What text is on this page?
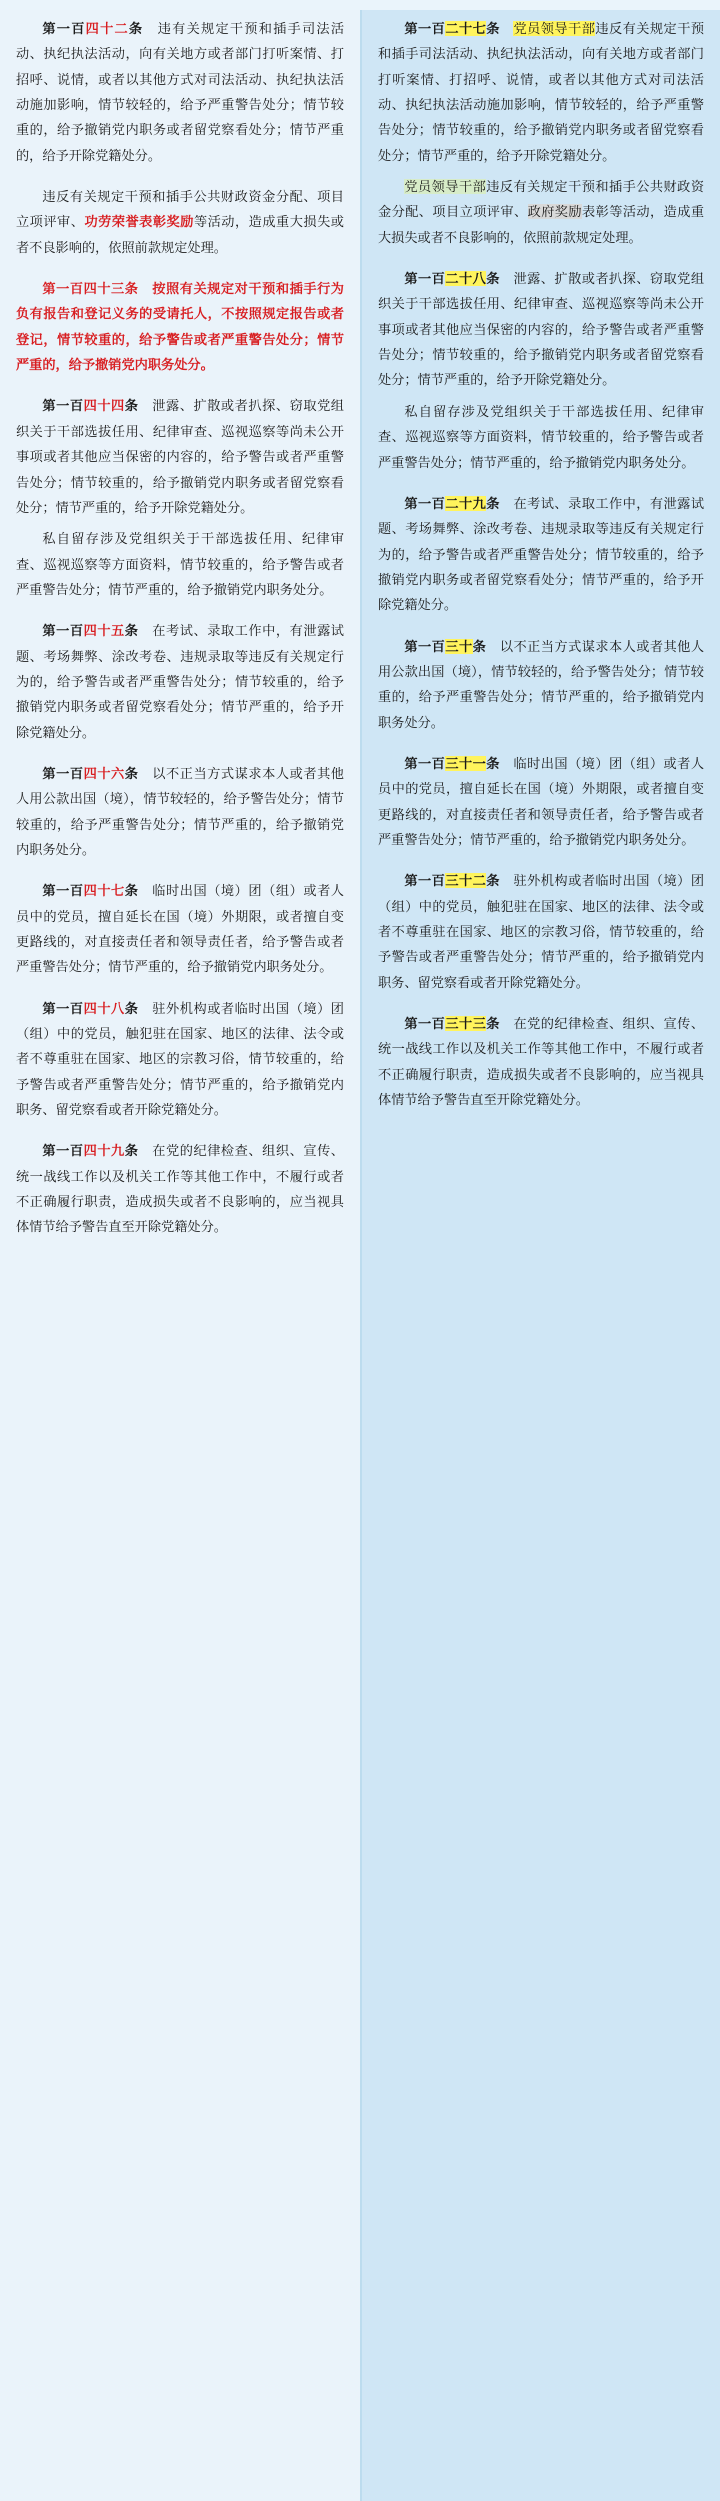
第一百四十二条 违有关规定干预和插手司法活动、执纪执法活动，向有关地方或者部门打听案情、打招呼、说情，或者以其他方式对司法活动、执纪执法活动施加影响，情节较轻的，给予严重警告处分；情节较重的，给予撤销党内职务或者留党察看处分；情节严重的，给予开除党籍处分。

违反有关规定干预和插手公共财政资金分配、项目立项评审、功劳荣誉表彰奖励等活动，造成重大损失或者不良影响的，依照前款规定处理。

第一百四十三条 按照有关规定对干预和插手行为负有报告和登记义务的受请托人，不按照规定报告或者登记，情节较重的，给予警告或者严重警告处分；情节严重的，给予撤销党内职务处分。

第一百四十四条 泄露、扩散或者扒探、窃取党组织关于干部选拔任用、纪律审查、巡视巡察等尚未公开事项或者其他应当保密的内容的，给予警告或者严重警告处分；情节较重的，给予撤销党内职务或者留党察看处分；情节严重的，给予开除党籍处分。

私自留存涉及党组织关于干部选拔任用、纪律审查、巡视巡察等方面资料，情节较重的，给予警告或者严重警告处分；情节严重的，给予撤销党内职务处分。

第一百四十五条 在考试、录取工作中，有泄露试题、考场舞弊、涂改考卷、违规录取等违反有关规定行为的，给予警告或者严重警告处分；情节较重的，给予撤销党内职务或者留党察看处分；情节严重的，给予开除党籍处分。

第一百四十六条 以不正当方式谋求本人或者其他人用公款出国（境），情节较轻的，给予警告处分；情节较重的，给予严重警告处分；情节严重的，给予撤销党内职务处分。

第一百四十七条 临时出国（境）团（组）或者人员中的党员，擅自延长在国（境）外期限，或者擅自变更路线的，对直接责任者和领导责任者，给予警告或者严重警告处分；情节严重的，给予撤销党内职务处分。

第一百四十八条 驻外机构或者临时出国（境）团（组）中的党员，触犯驻在国家、地区的法律、法令或者不尊重驻在国家、地区的宗教习俗，情节较重的，给予警告或者严重警告处分；情节严重的，给予撤销党内职务、留党察看或者开除党籍处分。

第一百四十九条 在党的纪律检查、组织、宣传、统一战线工作以及机关工作等其他工作中，不履行或者不正确履行职责，造成损失或者不良影响的，应当视具体情节给予警告直至开除党籍处分。

第一百二十七条 党员领导干部违反有关规定干预和插手司法活动、执纪执法活动，向有关地方或者部门打听案情、打招呼、说情，或者以其他方式对司法活动、执纪执法活动施加影响，情节较轻的，给予严重警告处分；情节较重的，给予撤销党内职务或者留党察看处分；情节严重的，给予开除党籍处分。

党员领导干部违反有关规定干预和插手公共财政资金分配、项目立项评审、政府奖励表彰等活动，造成重大损失或者不良影响的，依照前款规定处理。

第一百二十八条 泄露、扩散或者扒探、窃取党组织关于干部选拔任用、纪律审查、巡视巡察等尚未公开事项或者其他应当保密的内容的，给予警告或者严重警告处分；情节较重的，给予撤销党内职务或者留党察看处分；情节严重的，给予开除党籍处分。

私自留存涉及党组织关于干部选拔任用、纪律审查、巡视巡察等方面资料，情节较重的，给予警告或者严重警告处分；情节严重的，给予撤销党内职务处分。

第一百二十九条 在考试、录取工作中，有泄露试题、考场舞弊、涂改考卷、违规录取等违反有关规定行为的，给予警告或者严重警告处分；情节较重的，给予撤销党内职务或者留党察看处分；情节严重的，给予开除党籍处分。

第一百三十条 以不正当方式谋求本人或者其他人用公款出国（境），情节较轻的，给予警告处分；情节较重的，给予严重警告处分；情节严重的，给予撤销党内职务处分。

第一百三十一条 临时出国（境）团（组）或者人员中的党员，擅自延长在国（境）外期限，或者擅自变更路线的，对直接责任者和领导责任者，给予警告或者严重警告处分；情节严重的，给予撤销党内职务处分。

第一百三十二条 驻外机构或者临时出国（境）团（组）中的党员，触犯驻在国家、地区的法律、法令或者不尊重驻在国家、地区的宗教习俗，情节较重的，给予警告或者严重警告处分；情节严重的，给予撤销党内职务、留党察看或者开除党籍处分。

第一百三十三条 在党的纪律检查、组织、宣传、统一战线工作以及机关工作等其他工作中，不履行或者不正确履行职责，造成损失或者不良影响的，应当视具体情节给予警告直至开除党籍处分。
